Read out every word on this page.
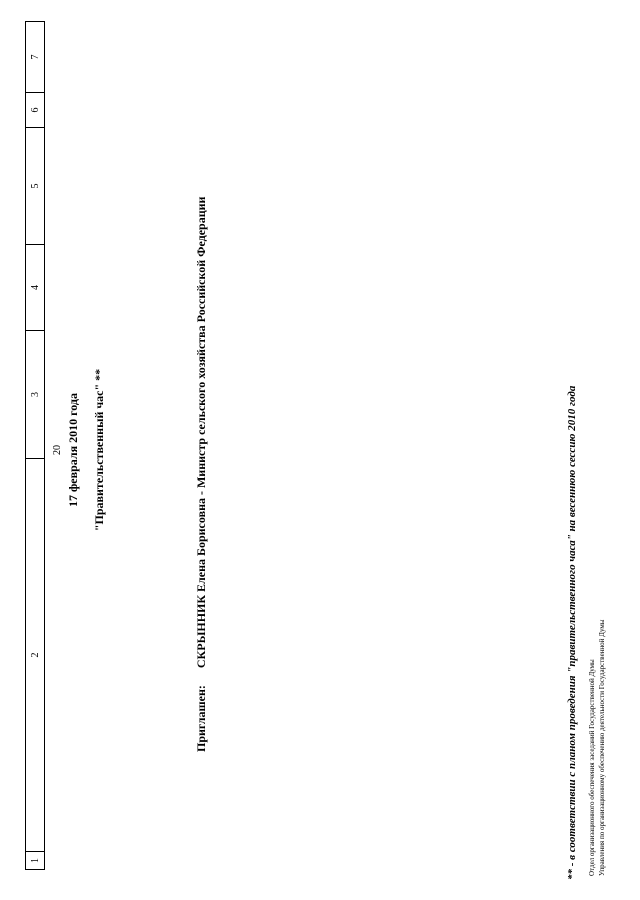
1	2	3	4	5	6	7
20 17 февраля 2010 года "Правительственный час" **
Приглашен: СКРЫННИК Елена Борисовна - Министр сельского хозяйства Российской Федерации	** - в соответствии с планом проведения "правительственного часа" на весеннюю сессию 2010 года Отдел организационного обеспечения заседаний Государственной Думы Управления по организационному обеспечению деятельности Государственной Думы
